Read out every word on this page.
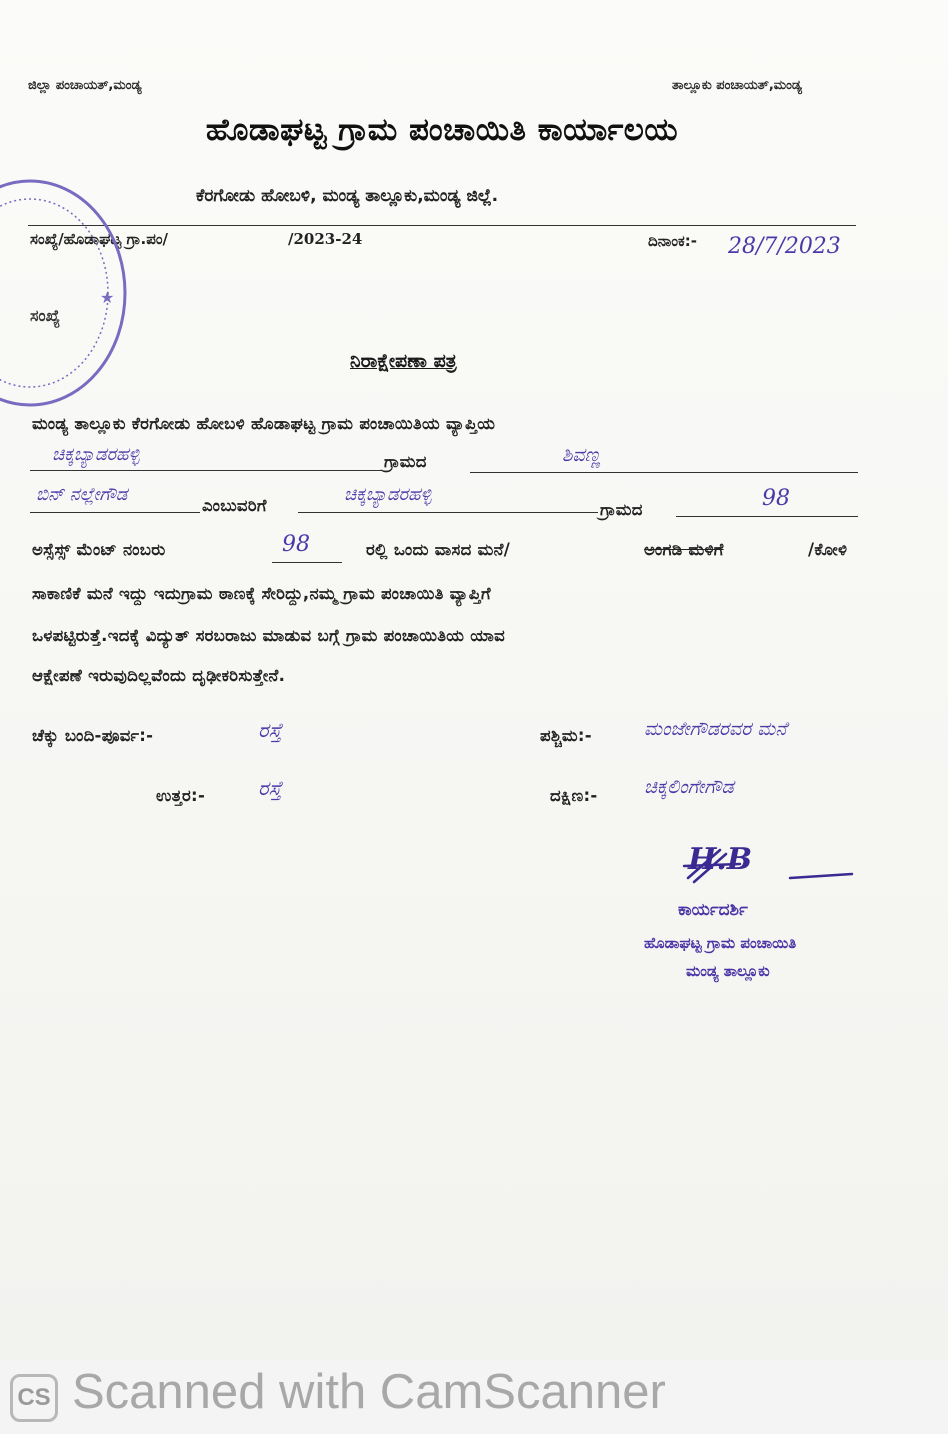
ಜಿಲ್ಲಾ ಪಂಚಾಯತ್,ಮಂಡ್ಯ	ತಾಲ್ಲೂಕು ಪಂಚಾಯತ್,ಮಂಡ್ಯ
ಹೊಡಾಘಟ್ಟ ಗ್ರಾಮ ಪಂಚಾಯಿತಿ ಕಾರ್ಯಾಲಯ
ಕೆರಗೋಡು ಹೋಬಳಿ, ಮಂಡ್ಯ ತಾಲ್ಲೂಕು,ಮಂಡ್ಯ ಜಿಲ್ಲೆ.
ಸಂಖ್ಯೆ/ಹೊಡಾಘಟ್ಟ ಗ್ರಾ.ಪಂ/	/2023-24	ದಿನಾಂಕ:- 28/7/2023
★
ಸಂಖ್ಯೆ
ನಿರಾಕ್ಷೇಪಣಾ ಪತ್ರ
ಮಂಡ್ಯ ತಾಲ್ಲೂಕು ಕೆರಗೋಡು ಹೋಬಳಿ ಹೊಡಾಘಟ್ಟ ಗ್ರಾಮ ಪಂಚಾಯಿತಿಯ ವ್ಯಾಪ್ತಿಯ
ಚಿಕ್ಕಬ್ಯಾಡರಹಳ್ಳಿ	ಗ್ರಾಮದ	ಶಿವಣ್ಣ
ಬಿನ್ ನಲ್ಲೇಗೌಡ
ಎಂಬುವರಿಗೆ
ಚಿಕ್ಕಬ್ಯಾಡರಹಳ್ಳಿ
ಗ್ರಾಮದ	98
ಅಸ್ಸೆಸ್ಸ್ ಮೆಂಟ್ ನಂಬರು	98	ರಲ್ಲಿ ಒಂದು ವಾಸದ ಮನೆ/	ಅಂಗಡಿ ಮಳಿಗೆ	/ಕೋಳಿ
ಸಾಕಾಣಿಕೆ ಮನೆ ಇದ್ದು ಇದುಗ್ರಾಮ ಠಾಣಕ್ಕೆ ಸೇರಿದ್ದು,ನಮ್ಮ ಗ್ರಾಮ ಪಂಚಾಯಿತಿ ವ್ಯಾಪ್ತಿಗೆ
ಒಳಪಟ್ಟಿರುತ್ತೆ.ಇದಕ್ಕೆ ವಿದ್ಯುತ್ ಸರಬರಾಜು ಮಾಡುವ ಬಗ್ಗೆ ಗ್ರಾಮ ಪಂಚಾಯಿತಿಯ ಯಾವ
ಆಕ್ಷೇಪಣೆ ಇರುವುದಿಲ್ಲವೆಂದು ದೃಢೀಕರಿಸುತ್ತೇನೆ.
ಚೆಕ್ಕು ಬಂದಿ-ಪೂರ್ವ:-	ರಸ್ತೆ	ಪಶ್ಚಿಮ:-	ಮಂಜೇಗೌಡರವರ ಮನೆ
ಉತ್ತರ:-	ರಸ್ತೆ	ದಕ್ಷಿಣ:- ಚಿಕ್ಕಲಿಂಗೇಗೌಡ
H.B
ಕಾರ್ಯದರ್ಶಿ
ಹೊಡಾಘಟ್ಟ ಗ್ರಾಮ ಪಂಚಾಯಿತಿ
ಮಂಡ್ಯ ತಾಲ್ಲೂಕು
CS Scanned with CamScanner
